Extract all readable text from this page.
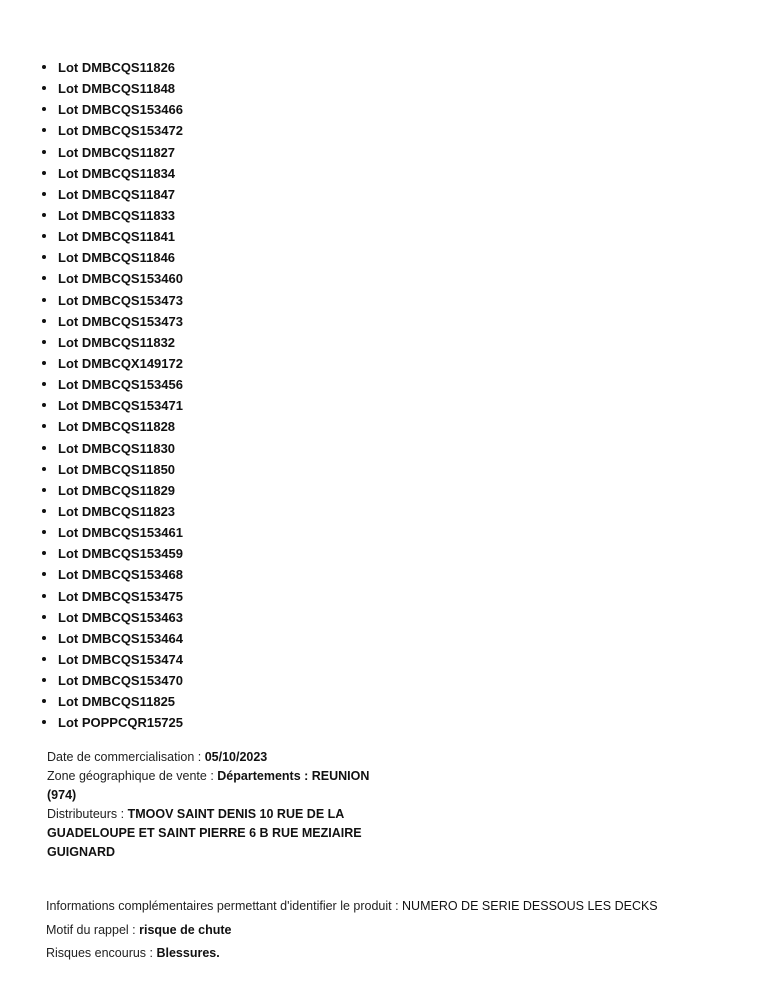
Lot DMBCQS11826
Lot DMBCQS11848
Lot DMBCQS153466
Lot DMBCQS153472
Lot DMBCQS11827
Lot DMBCQS11834
Lot DMBCQS11847
Lot DMBCQS11833
Lot DMBCQS11841
Lot DMBCQS11846
Lot DMBCQS153460
Lot DMBCQS153473
Lot DMBCQS153473
Lot DMBCQS11832
Lot DMBCQX149172
Lot DMBCQS153456
Lot DMBCQS153471
Lot DMBCQS11828
Lot DMBCQS11830
Lot DMBCQS11850
Lot DMBCQS11829
Lot DMBCQS11823
Lot DMBCQS153461
Lot DMBCQS153459
Lot DMBCQS153468
Lot DMBCQS153475
Lot DMBCQS153463
Lot DMBCQS153464
Lot DMBCQS153474
Lot DMBCQS153470
Lot DMBCQS11825
Lot POPPCQR15725

Date de commercialisation : 05/10/2023

Zone géographique de vente : Départements : REUNION (974)

Distributeurs : TMOOV SAINT DENIS 10 RUE DE LA GUADELOUPE ET SAINT PIERRE 6 B RUE MEZIAIRE GUIGNARD

Informations complémentaires permettant d'identifier le produit : NUMERO DE SERIE DESSOUS LES DECKS

Motif du rappel : risque de chute

Risques encourus : Blessures.
